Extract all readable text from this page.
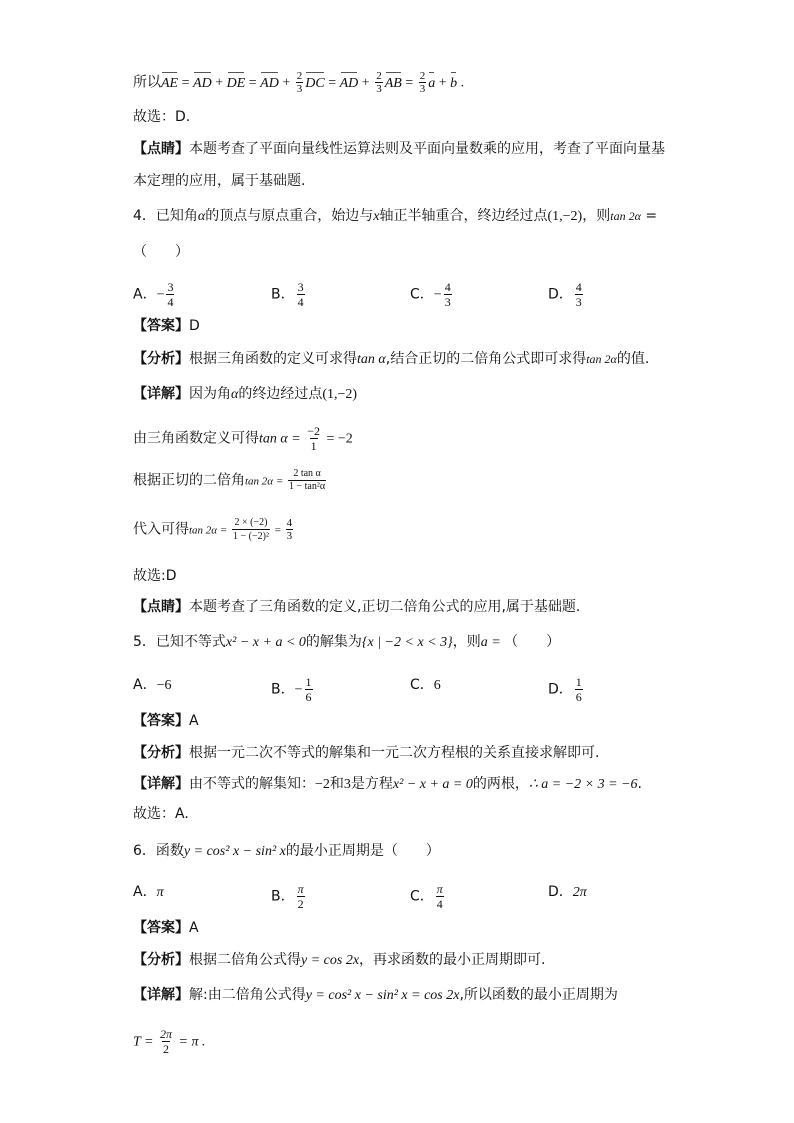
所以AE = AD + DE = AD + $\frac{2}{3}$ DC = AD + $\frac{2}{3}$ AB = $\frac{2}{3}$ a + b .
故选：D.
【点睛】本题考查了平面向量线性运算法则及平面向量数乘的应用，考查了平面向量基
本定理的应用，属于基础题.
4．已知角α的顶点与原点重合，始边与x轴正半轴重合，终边经过点(1,−2)，则tan 2α =
（　　）
A．− $\frac{3}{4}$	B． $\frac{3}{4}$	C．− $\frac{4}{3}$	D． $\frac{4}{3}$
【答案】D
【分析】根据三角函数的定义可求得tan α,结合正切的二倍角公式即可求得tan 2α的值.
【详解】因为角α的终边经过点(1,−2)
由三角函数定义可得$\tan \alpha = \frac{-2}{1} = -2$
根据正切的二倍角$\tan 2\alpha = \frac{\text{2 tan α}}{\text{1 − tan²α}}$
代入可得$\tan 2\alpha = \frac{2 \times (-2)}{\text{1 − (−2)²}} = \frac{4}{3}$
故选:D
【点睛】本题考查了三角函数的定义,正切二倍角公式的应用,属于基础题.
5．已知不等式x² − x + a < 0的解集为{x | −2 < x < 3}，则a = （　　）
A．−6	B．− $\frac{1}{6}$	C．6	D． $\frac{1}{6}$
【答案】A
【分析】根据一元二次不等式的解集和一元二次方程根的关系直接求解即可.
【详解】由不等式的解集知：−2和3是方程x² − x + a = 0的两根，∴ a = −2 × 3 = −6.
故选：A.
6．函数y = cos² x − sin² x的最小正周期是（　　）
A．π	B． $\frac{\pi}{2}$	C． $\frac{\pi}{4}$	D．2π
【答案】A
【分析】根据二倍角公式得y = cos 2x，再求函数的最小正周期即可.
【详解】解:由二倍角公式得y = cos² x − sin² x = cos 2x,所以函数的最小正周期为
$T = \frac{2\pi}{2} = \pi$ .
